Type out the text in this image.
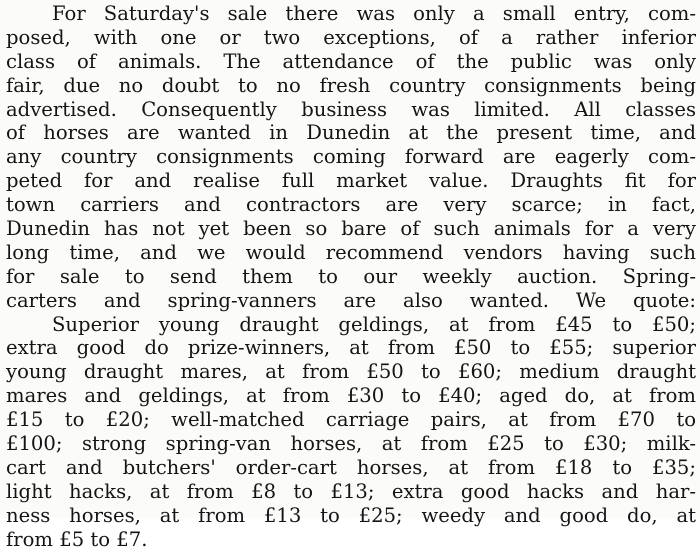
For Saturday's sale there was only a small entry, com-
posed, with one or two exceptions, of a rather inferior
class of animals. The attendance of the public was only
fair, due no doubt to no fresh country consignments being
advertised. Consequently business was limited. All classes
of horses are wanted in Dunedin at the present time, and
any country consignments coming forward are eagerly com-
peted for and realise full market value. Draughts fit for
town carriers and contractors are very scarce; in fact,
Dunedin has not yet been so bare of such animals for a very
long time, and we would recommend vendors having such
for sale to send them to our weekly auction. Spring-
carters and spring-vanners are also wanted. We quote:
Superior young draught geldings, at from £45 to £50;
extra good do prize-winners, at from £50 to £55; superior
young draught mares, at from £50 to £60; medium draught
mares and geldings, at from £30 to £40; aged do, at from
£15 to £20; well-matched carriage pairs, at from £70 to
£100; strong spring-van horses, at from £25 to £30; milk-
cart and butchers' order-cart horses, at from £18 to £35;
light hacks, at from £8 to £13; extra good hacks and har-
ness horses, at from £13 to £25; weedy and good do, at
from £5 to £7.
